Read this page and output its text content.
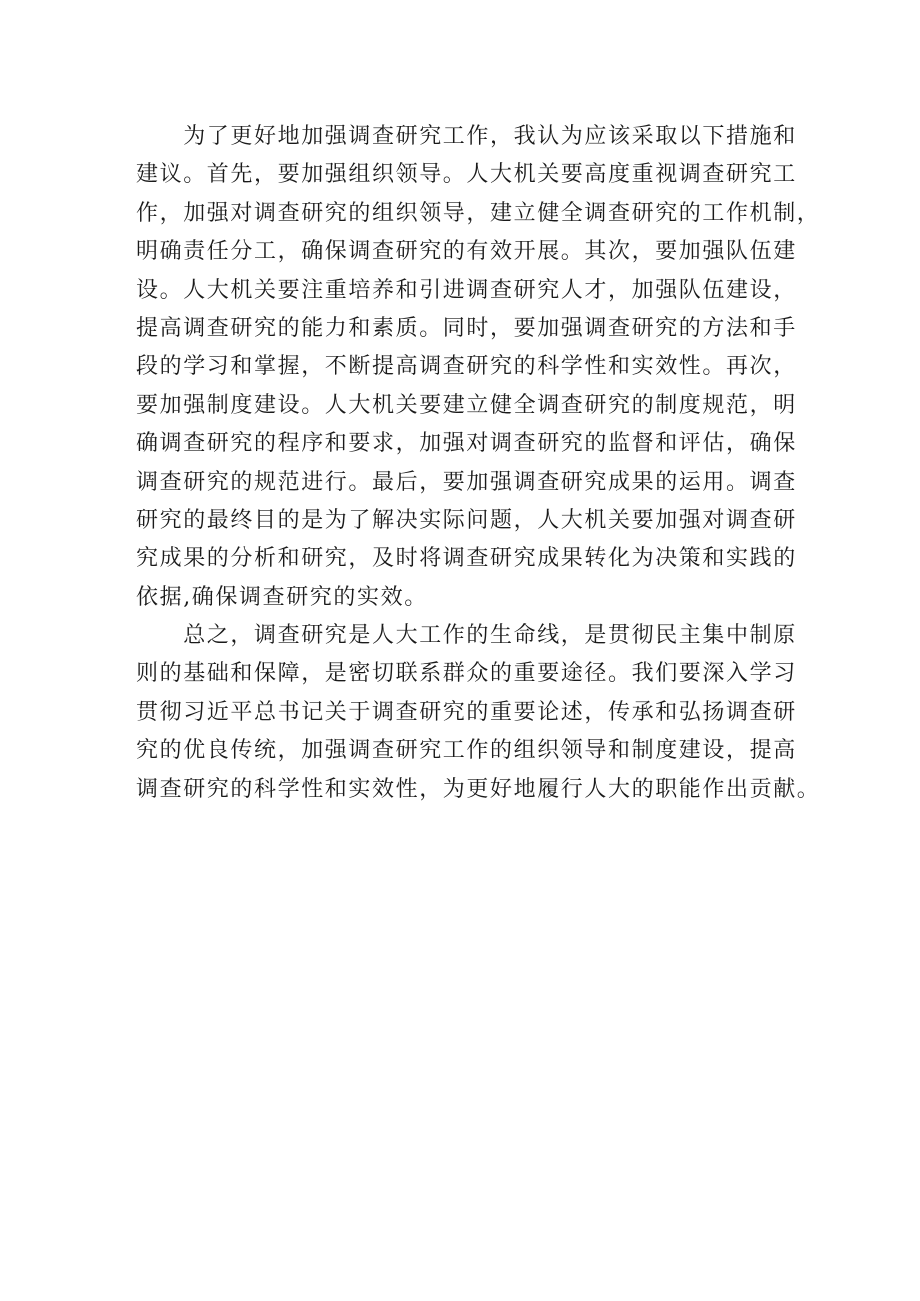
　　为了更好地加强调查研究工作，我认为应该采取以下措施和
建议。首先，要加强组织领导。人大机关要高度重视调查研究工
作，加强对调查研究的组织领导，建立健全调查研究的工作机制，
明确责任分工，确保调查研究的有效开展。其次，要加强队伍建
设。人大机关要注重培养和引进调查研究人才，加强队伍建设，
提高调查研究的能力和素质。同时，要加强调查研究的方法和手
段的学习和掌握，不断提高调查研究的科学性和实效性。再次，
要加强制度建设。人大机关要建立健全调查研究的制度规范，明
确调查研究的程序和要求，加强对调查研究的监督和评估，确保
调查研究的规范进行。最后，要加强调查研究成果的运用。调查
研究的最终目的是为了解决实际问题，人大机关要加强对调查研
究成果的分析和研究，及时将调查研究成果转化为决策和实践的
依据,确保调查研究的实效。
　　总之，调查研究是人大工作的生命线，是贯彻民主集中制原
则的基础和保障，是密切联系群众的重要途径。我们要深入学习
贯彻习近平总书记关于调查研究的重要论述，传承和弘扬调查研
究的优良传统，加强调查研究工作的组织领导和制度建设，提高
调查研究的科学性和实效性，为更好地履行人大的职能作出贡献。
